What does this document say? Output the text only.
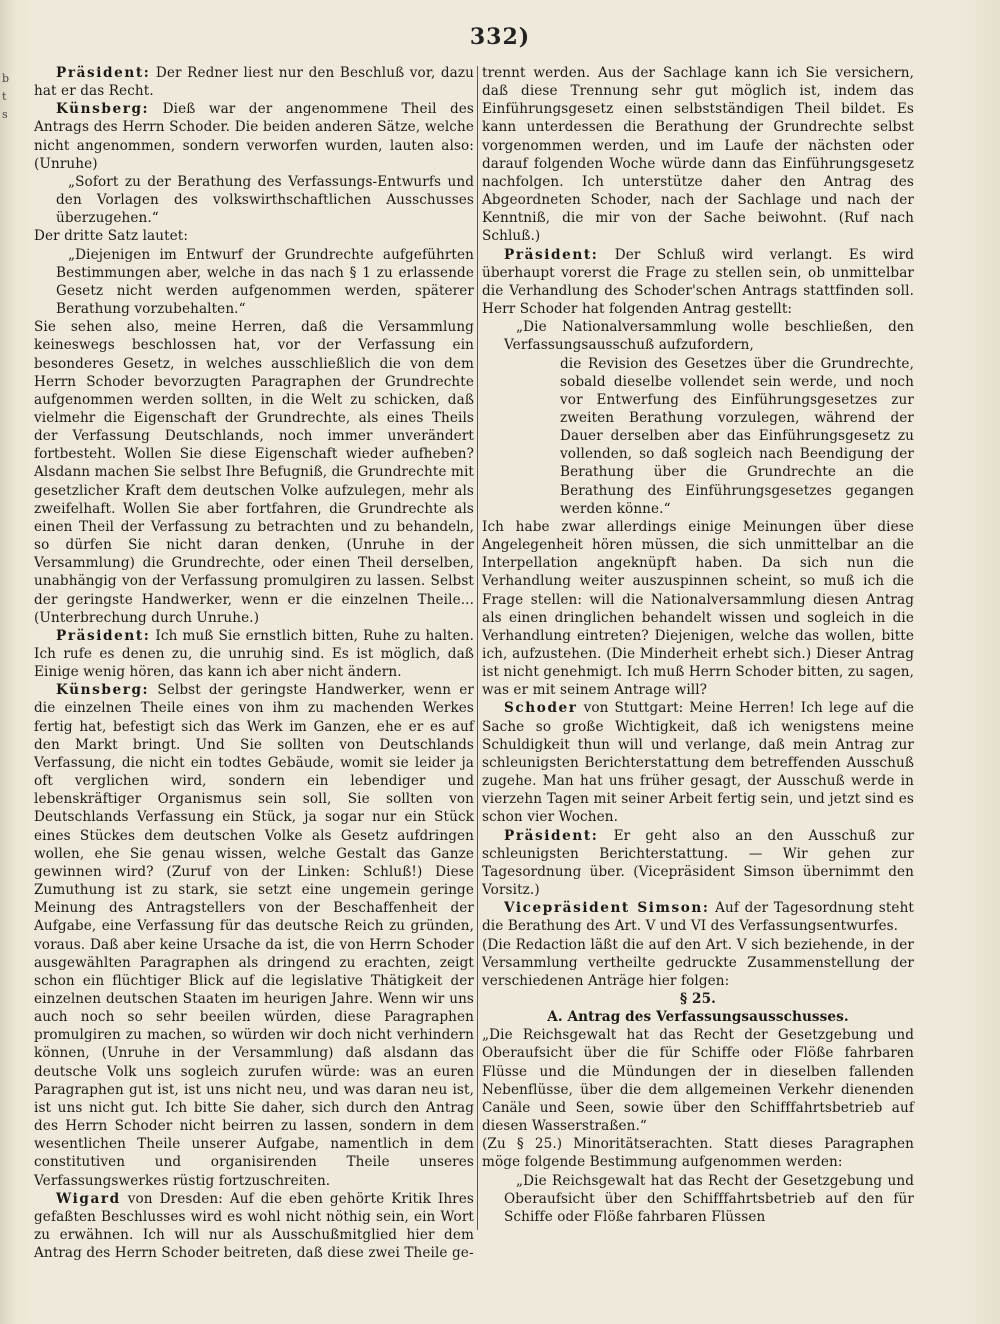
332)
b
t
s

Präsident: Der Redner liest nur den Beschluß vor, dazu hat er das Recht.

Künsberg: Dieß war der angenommene Theil des Antrags des Herrn Schoder. Die beiden anderen Sätze, welche nicht angenommen, sondern verworfen wurden, lauten also: (Unruhe)

„Sofort zu der Berathung des Verfassungs-Entwurfs und den Vorlagen des volkswirthschaftlichen Ausschusses überzugehen.“

Der dritte Satz lautet:

„Diejenigen im Entwurf der Grundrechte aufgeführten Bestimmungen aber, welche in das nach § 1 zu erlassende Gesetz nicht werden aufgenommen werden, späterer Berathung vorzubehalten.“

Sie sehen also, meine Herren, daß die Versammlung keineswegs beschlossen hat, vor der Verfassung ein besonderes Gesetz, in welches ausschließlich die von dem Herrn Schoder bevorzugten Paragraphen der Grundrechte aufgenommen werden sollten, in die Welt zu schicken, daß vielmehr die Eigenschaft der Grundrechte, als eines Theils der Verfassung Deutschlands, noch immer unverändert fortbesteht. Wollen Sie diese Eigenschaft wieder aufheben? Alsdann machen Sie selbst Ihre Befugniß, die Grundrechte mit gesetzlicher Kraft dem deutschen Volke aufzulegen, mehr als zweifelhaft. Wollen Sie aber fortfahren, die Grundrechte als einen Theil der Verfassung zu betrachten und zu behandeln, so dürfen Sie nicht daran denken, (Unruhe in der Versammlung) die Grundrechte, oder einen Theil derselben, unabhängig von der Verfassung promulgiren zu lassen. Selbst der geringste Handwerker, wenn er die einzelnen Theile... (Unterbrechung durch Unruhe.)

Präsident: Ich muß Sie ernstlich bitten, Ruhe zu halten. Ich rufe es denen zu, die unruhig sind. Es ist möglich, daß Einige wenig hören, das kann ich aber nicht ändern.

Künsberg: Selbst der geringste Handwerker, wenn er die einzelnen Theile eines von ihm zu machenden Werkes fertig hat, befestigt sich das Werk im Ganzen, ehe er es auf den Markt bringt. Und Sie sollten von Deutschlands Verfassung, die nicht ein todtes Gebäude, womit sie leider ja oft verglichen wird, sondern ein lebendiger und lebenskräftiger Organismus sein soll, Sie sollten von Deutschlands Verfassung ein Stück, ja sogar nur ein Stück eines Stückes dem deutschen Volke als Gesetz aufdringen wollen, ehe Sie genau wissen, welche Gestalt das Ganze gewinnen wird? (Zuruf von der Linken: Schluß!) Diese Zumuthung ist zu stark, sie setzt eine ungemein geringe Meinung des Antragstellers von der Beschaffenheit der Aufgabe, eine Verfassung für das deutsche Reich zu gründen, voraus. Daß aber keine Ursache da ist, die von Herrn Schoder ausgewählten Paragraphen als dringend zu erachten, zeigt schon ein flüchtiger Blick auf die legislative Thätigkeit der einzelnen deutschen Staaten im heurigen Jahre. Wenn wir uns auch noch so sehr beeilen würden, diese Paragraphen promulgiren zu machen, so würden wir doch nicht verhindern können, (Unruhe in der Versammlung) daß alsdann das deutsche Volk uns sogleich zurufen würde: was an euren Paragraphen gut ist, ist uns nicht neu, und was daran neu ist, ist uns nicht gut. Ich bitte Sie daher, sich durch den Antrag des Herrn Schoder nicht beirren zu lassen, sondern in dem wesentlichen Theile unserer Aufgabe, namentlich in dem constitutiven und organisirenden Theile unseres Verfassungswerkes rüstig fortzuschreiten.

Wigard von Dresden: Auf die eben gehörte Kritik Ihres gefaßten Beschlusses wird es wohl nicht nöthig sein, ein Wort zu erwähnen. Ich will nur als Ausschußmitglied hier dem Antrag des Herrn Schoder beitreten, daß diese zwei Theile ge-

trennt werden. Aus der Sachlage kann ich Sie versichern, daß diese Trennung sehr gut möglich ist, indem das Einführungsgesetz einen selbstständigen Theil bildet. Es kann unterdessen die Berathung der Grundrechte selbst vorgenommen werden, und im Laufe der nächsten oder darauf folgenden Woche würde dann das Einführungsgesetz nachfolgen. Ich unterstütze daher den Antrag des Abgeordneten Schoder, nach der Sachlage und nach der Kenntniß, die mir von der Sache beiwohnt. (Ruf nach Schluß.)

Präsident: Der Schluß wird verlangt. Es wird überhaupt vorerst die Frage zu stellen sein, ob unmittelbar die Verhandlung des Schoder'schen Antrags stattfinden soll. Herr Schoder hat folgenden Antrag gestellt:

„Die Nationalversammlung wolle beschließen, den Verfassungsausschuß aufzufordern,

die Revision des Gesetzes über die Grundrechte, sobald dieselbe vollendet sein werde, und noch vor Entwerfung des Einführungsgesetzes zur zweiten Berathung vorzulegen, während der Dauer derselben aber das Einführungsgesetz zu vollenden, so daß sogleich nach Beendigung der Berathung über die Grundrechte an die Berathung des Einführungsgesetzes gegangen werden könne.“

Ich habe zwar allerdings einige Meinungen über diese Angelegenheit hören müssen, die sich unmittelbar an die Interpellation angeknüpft haben. Da sich nun die Verhandlung weiter auszuspinnen scheint, so muß ich die Frage stellen: will die Nationalversammlung diesen Antrag als einen dringlichen behandelt wissen und sogleich in die Verhandlung eintreten? Diejenigen, welche das wollen, bitte ich, aufzustehen. (Die Minderheit erhebt sich.) Dieser Antrag ist nicht genehmigt. Ich muß Herrn Schoder bitten, zu sagen, was er mit seinem Antrage will?

Schoder von Stuttgart: Meine Herren! Ich lege auf die Sache so große Wichtigkeit, daß ich wenigstens meine Schuldigkeit thun will und verlange, daß mein Antrag zur schleunigsten Berichterstattung dem betreffenden Ausschuß zugehe. Man hat uns früher gesagt, der Ausschuß werde in vierzehn Tagen mit seiner Arbeit fertig sein, und jetzt sind es schon vier Wochen.

Präsident: Er geht also an den Ausschuß zur schleunigsten Berichterstattung. — Wir gehen zur Tagesordnung über. (Vicepräsident Simson übernimmt den Vorsitz.)

Vicepräsident Simson: Auf der Tagesordnung steht die Berathung des Art. V und VI des Verfassungsentwurfes.

(Die Redaction läßt die auf den Art. V sich beziehende, in der Versammlung vertheilte gedruckte Zusammenstellung der verschiedenen Anträge hier folgen:

§ 25.

A. Antrag des Verfassungsausschusses.

„Die Reichsgewalt hat das Recht der Gesetzgebung und Oberaufsicht über die für Schiffe oder Flöße fahrbaren Flüsse und die Mündungen der in dieselben fallenden Nebenflüsse, über die dem allgemeinen Verkehr dienenden Canäle und Seen, sowie über den Schifffahrtsbetrieb auf diesen Wasserstraßen.“

(Zu § 25.) Minoritätserachten. Statt dieses Paragraphen möge folgende Bestimmung aufgenommen werden:

„Die Reichsgewalt hat das Recht der Gesetzgebung und Oberaufsicht über den Schifffahrtsbetrieb auf den für Schiffe oder Flöße fahrbaren Flüssen
